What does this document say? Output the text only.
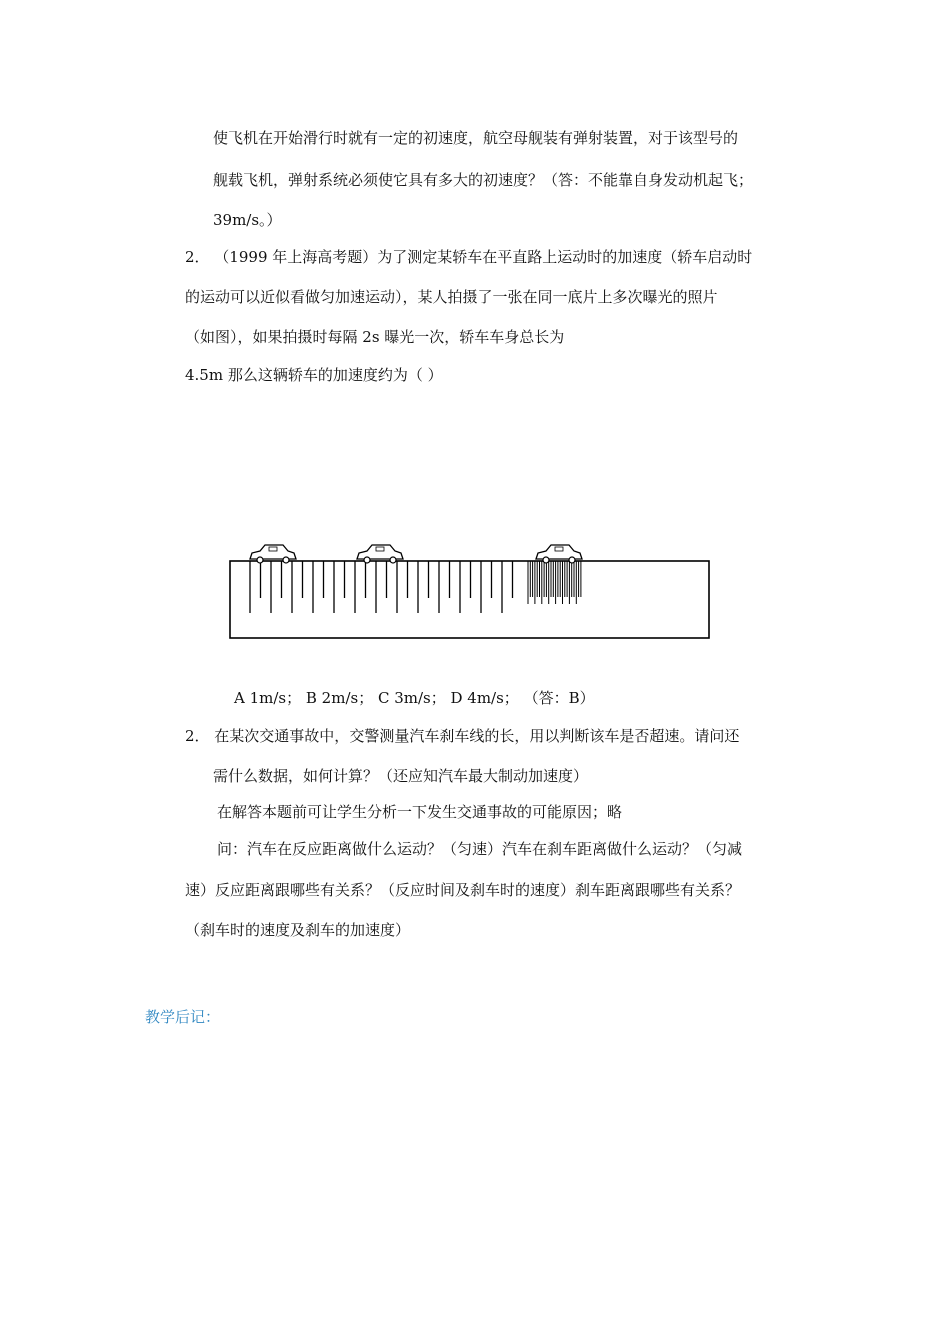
使飞机在开始滑行时就有一定的初速度，航空母舰装有弹射装置，对于该型号的
舰载飞机，弹射系统必须使它具有多大的初速度？（答：不能靠自身发动机起飞；
39m/s。）
2． （1999 年上海高考题）为了测定某轿车在平直路上运动时的加速度（轿车启动时
的运动可以近似看做匀加速运动），某人拍摄了一张在同一底片上多次曝光的照片
（如图），如果拍摄时每隔 2s 曝光一次，轿车车身总长为
4.5m 那么这辆轿车的加速度约为（ ）
A 1m/s； B 2m/s； C 3m/s； D 4m/s； （答：B）
2． 在某次交通事故中，交警测量汽车刹车线的长，用以判断该车是否超速。请问还
需什么数据，如何计算？（还应知汽车最大制动加速度）
在解答本题前可让学生分析一下发生交通事故的可能原因；略
问：汽车在反应距离做什么运动？（匀速）汽车在刹车距离做什么运动？（匀减
速）反应距离跟哪些有关系？（反应时间及刹车时的速度）刹车距离跟哪些有关系？
（刹车时的速度及刹车的加速度）
教学后记：
